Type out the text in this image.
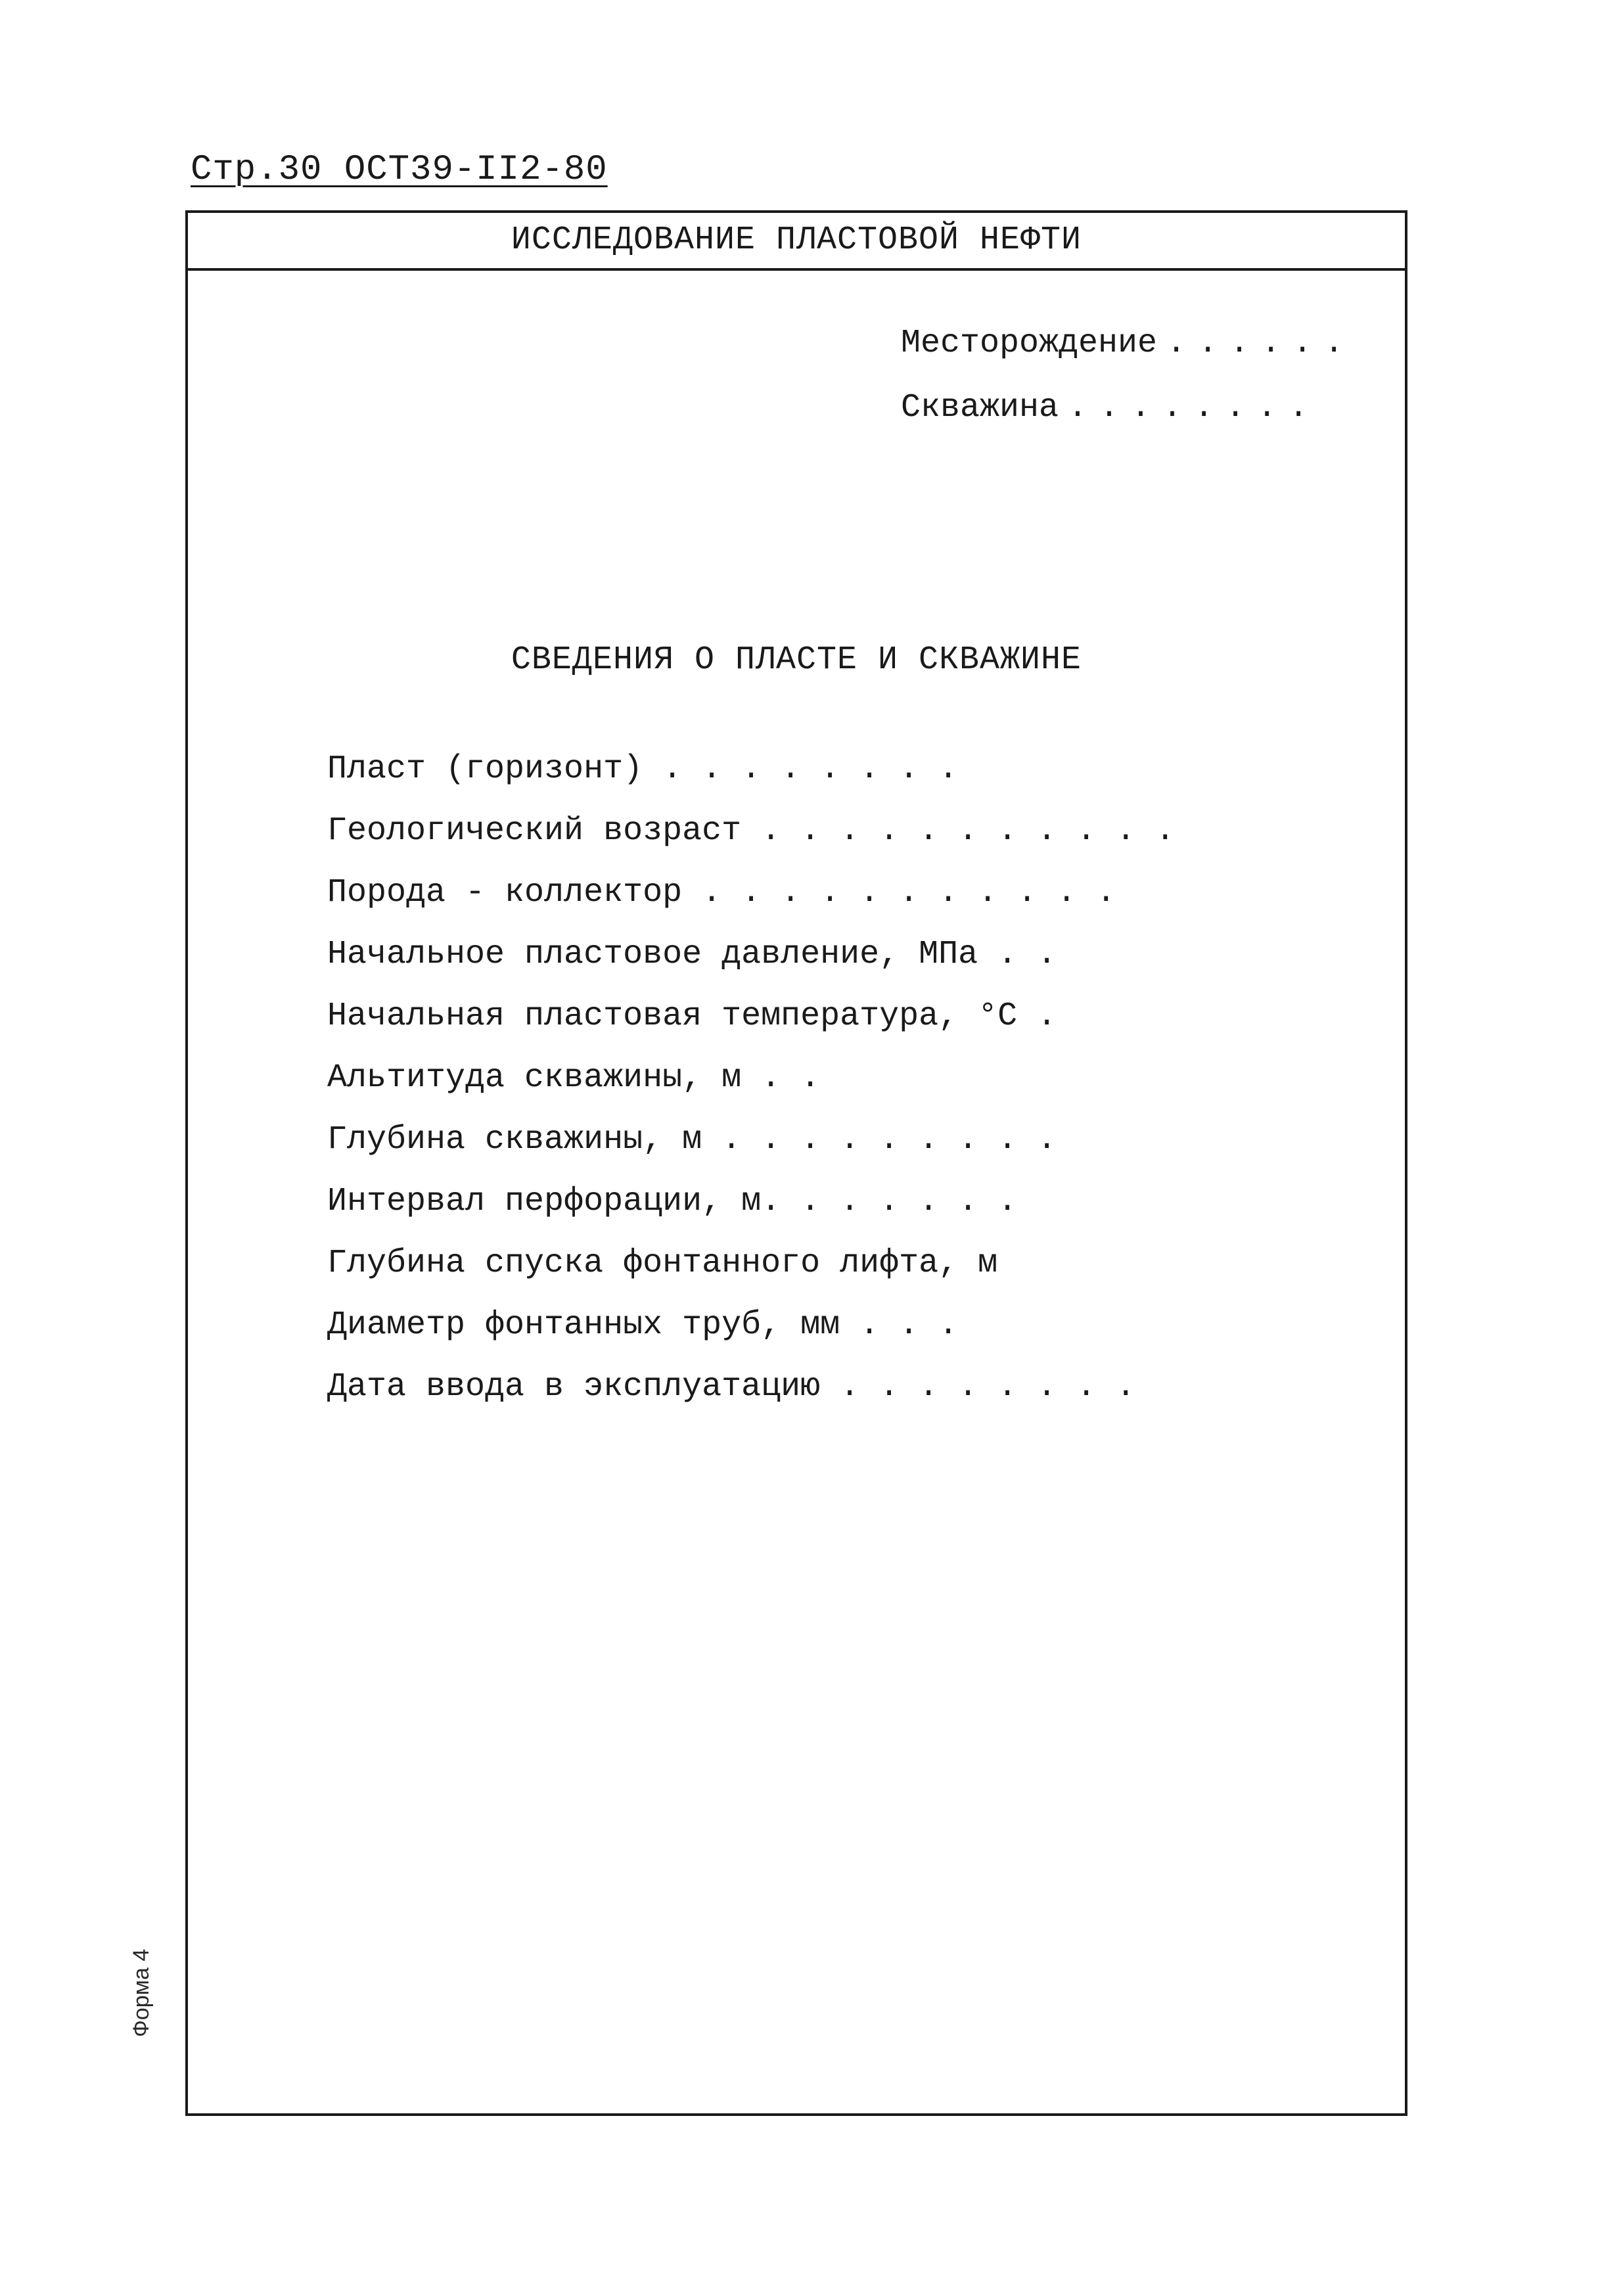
Стр.30 ОСТ39-II2-80
ИССЛЕДОВАНИЕ ПЛАСТОВОЙ НЕФТИ
Месторождение ......
Скважина ........
СВЕДЕНИЯ О ПЛАСТЕ И СКВАЖИНЕ
Пласт (горизонт) . . . . . . . .
Геологический возраст . . . . . . . . . . .
Порода - коллектор . . . . . . . . . . .
Начальное пластовое давление, МПа . .
Начальная пластовая температура, °С .
Альтитуда скважины, м . .
Глубина скважины, м . . . . . . . . .
Интервал перфорации, м. . . . . . .
Глубина спуска фонтанного лифта, м
Диаметр фонтанных труб, мм . . .
Дата ввода в эксплуатацию . . . . . . . .
Форма 4
